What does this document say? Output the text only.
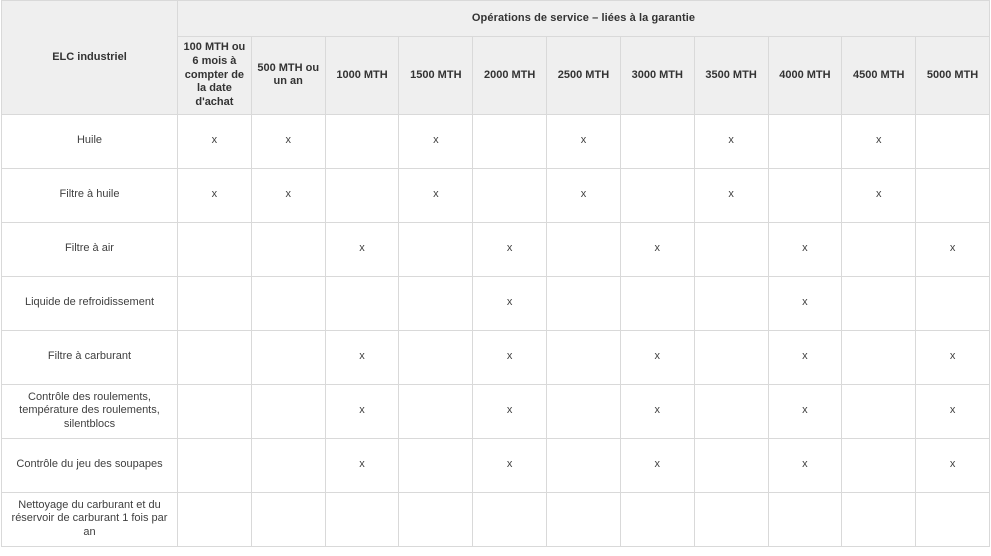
ELC industriel	Opérations de service – liées à la garantie										
	100 MTH ou 6 mois à compter de la date d'achat	500 MTH ou un an	1000 MTH	1500 MTH	2000 MTH	2500 MTH	3000 MTH	3500 MTH	4000 MTH	4500 MTH	5000 MTH
Huile	x	x		x		x		x		x	
Filtre à huile	x	x		x		x		x		x	
Filtre à air			x		x		x		x		x
Liquide de refroidissement					x				x		
Filtre à carburant			x		x		x		x		x
Contrôle des roulements, température des roulements, silentblocs			x		x		x		x		x
Contrôle du jeu des soupapes			x		x		x		x		x
Nettoyage du carburant et du réservoir de carburant 1 fois par an											
